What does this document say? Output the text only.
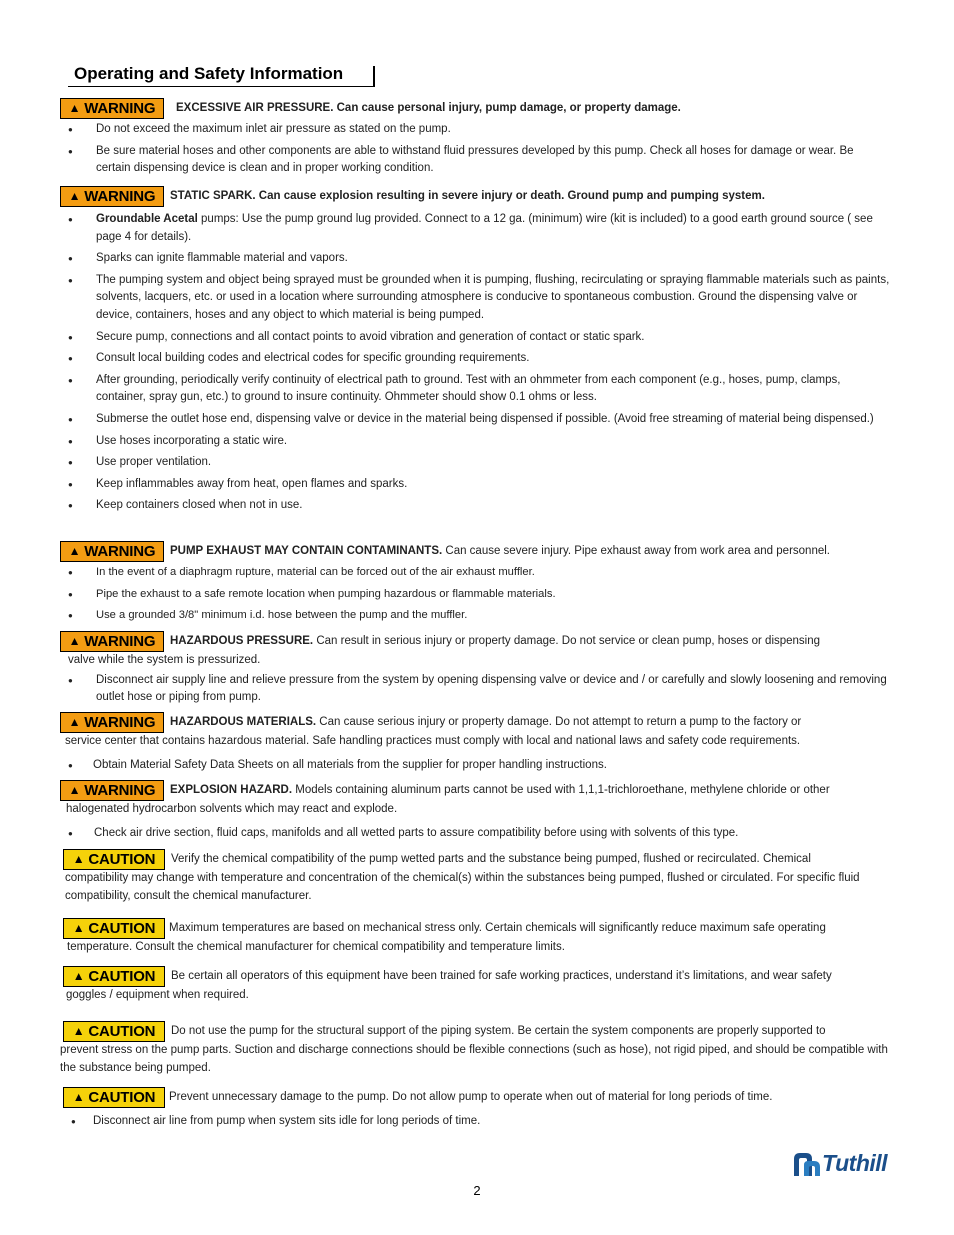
Operating and Safety Information
▲ WARNING EXCESSIVE AIR PRESSURE. Can cause personal injury, pump damage, or property damage.
● Do not exceed the maximum inlet air pressure as stated on the pump.
● Be sure material hoses and other components are able to withstand fluid pressures developed by this pump. Check all hoses for damage or wear. Be certain dispensing device is clean and in proper working condition.
▲ WARNING STATIC SPARK. Can cause explosion resulting in severe injury or death. Ground pump and pumping system.
● Groundable Acetal pumps: Use the pump ground lug provided. Connect to a 12 ga. (minimum) wire (kit is included) to a good earth ground source ( see page 4 for details).
● Sparks can ignite flammable material and vapors.
● The pumping system and object being sprayed must be grounded when it is pumping, flushing, recirculating or spraying flammable materials such as paints, solvents, lacquers, etc. or used in a location where surrounding atmosphere is conducive to spontaneous combustion. Ground the dispensing valve or device, containers, hoses and any object to which material is being pumped.
● Secure pump, connections and all contact points to avoid vibration and generation of contact or static spark.
● Consult local building codes and electrical codes for specific grounding requirements.
● After grounding, periodically verify continuity of electrical path to ground. Test with an ohmmeter from each component (e.g., hoses, pump, clamps, container, spray gun, etc.) to ground to insure continuity. Ohmmeter should show 0.1 ohms or less.
● Submerse the outlet hose end, dispensing valve or device in the material being dispensed if possible. (Avoid free streaming of material being dispensed.)
● Use hoses incorporating a static wire.
● Use proper ventilation.
● Keep inflammables away from heat, open flames and sparks.
● Keep containers closed when not in use.
▲ WARNING PUMP EXHAUST MAY CONTAIN CONTAMINANTS. Can cause severe injury. Pipe exhaust away from work area and personnel.
● In the event of a diaphragm rupture, material can be forced out of the air exhaust muffler.
● Pipe the exhaust to a safe remote location when pumping hazardous or flammable materials.
● Use a grounded 3/8" minimum i.d. hose between the pump and the muffler.
▲ WARNING HAZARDOUS PRESSURE. Can result in serious injury or property damage. Do not service or clean pump, hoses or dispensing
valve while the system is pressurized.
● Disconnect air supply line and relieve pressure from the system by opening dispensing valve or device and / or carefully and slowly loosening and removing outlet hose or piping from pump.
▲ WARNING HAZARDOUS MATERIALS. Can cause serious injury or property damage. Do not attempt to return a pump to the factory or
service center that contains hazardous material. Safe handling practices must comply with local and national laws and safety code requirements.
● Obtain Material Safety Data Sheets on all materials from the supplier for proper handling instructions.
▲ WARNING EXPLOSION HAZARD. Models containing aluminum parts cannot be used with 1,1,1-trichloroethane, methylene chloride or other
halogenated hydrocarbon solvents which may react and explode.
● Check air drive section, fluid caps, manifolds and all wetted parts to assure compatibility before using with solvents of this type.
▲ CAUTION Verify the chemical compatibility of the pump wetted parts and the substance being pumped, flushed or recirculated. Chemical
compatibility may change with temperature and concentration of the chemical(s) within the substances being pumped, flushed or circulated. For specific fluid compatibility, consult the chemical manufacturer.
▲ CAUTION Maximum temperatures are based on mechanical stress only. Certain chemicals will significantly reduce maximum safe operating
temperature. Consult the chemical manufacturer for chemical compatibility and temperature limits.
▲ CAUTION Be certain all operators of this equipment have been trained for safe working practices, understand it’s limitations, and wear safety
goggles / equipment when required.
▲ CAUTION Do not use the pump for the structural support of the piping system. Be certain the system components are properly supported to
prevent stress on the pump parts. Suction and discharge connections should be flexible connections (such as hose), not rigid piped, and should be compatible with the substance being pumped.
▲ CAUTION Prevent unnecessary damage to the pump. Do not allow pump to operate when out of material for long periods of time.
● Disconnect air line from pump when system sits idle for long periods of time.
Tuthill
2
